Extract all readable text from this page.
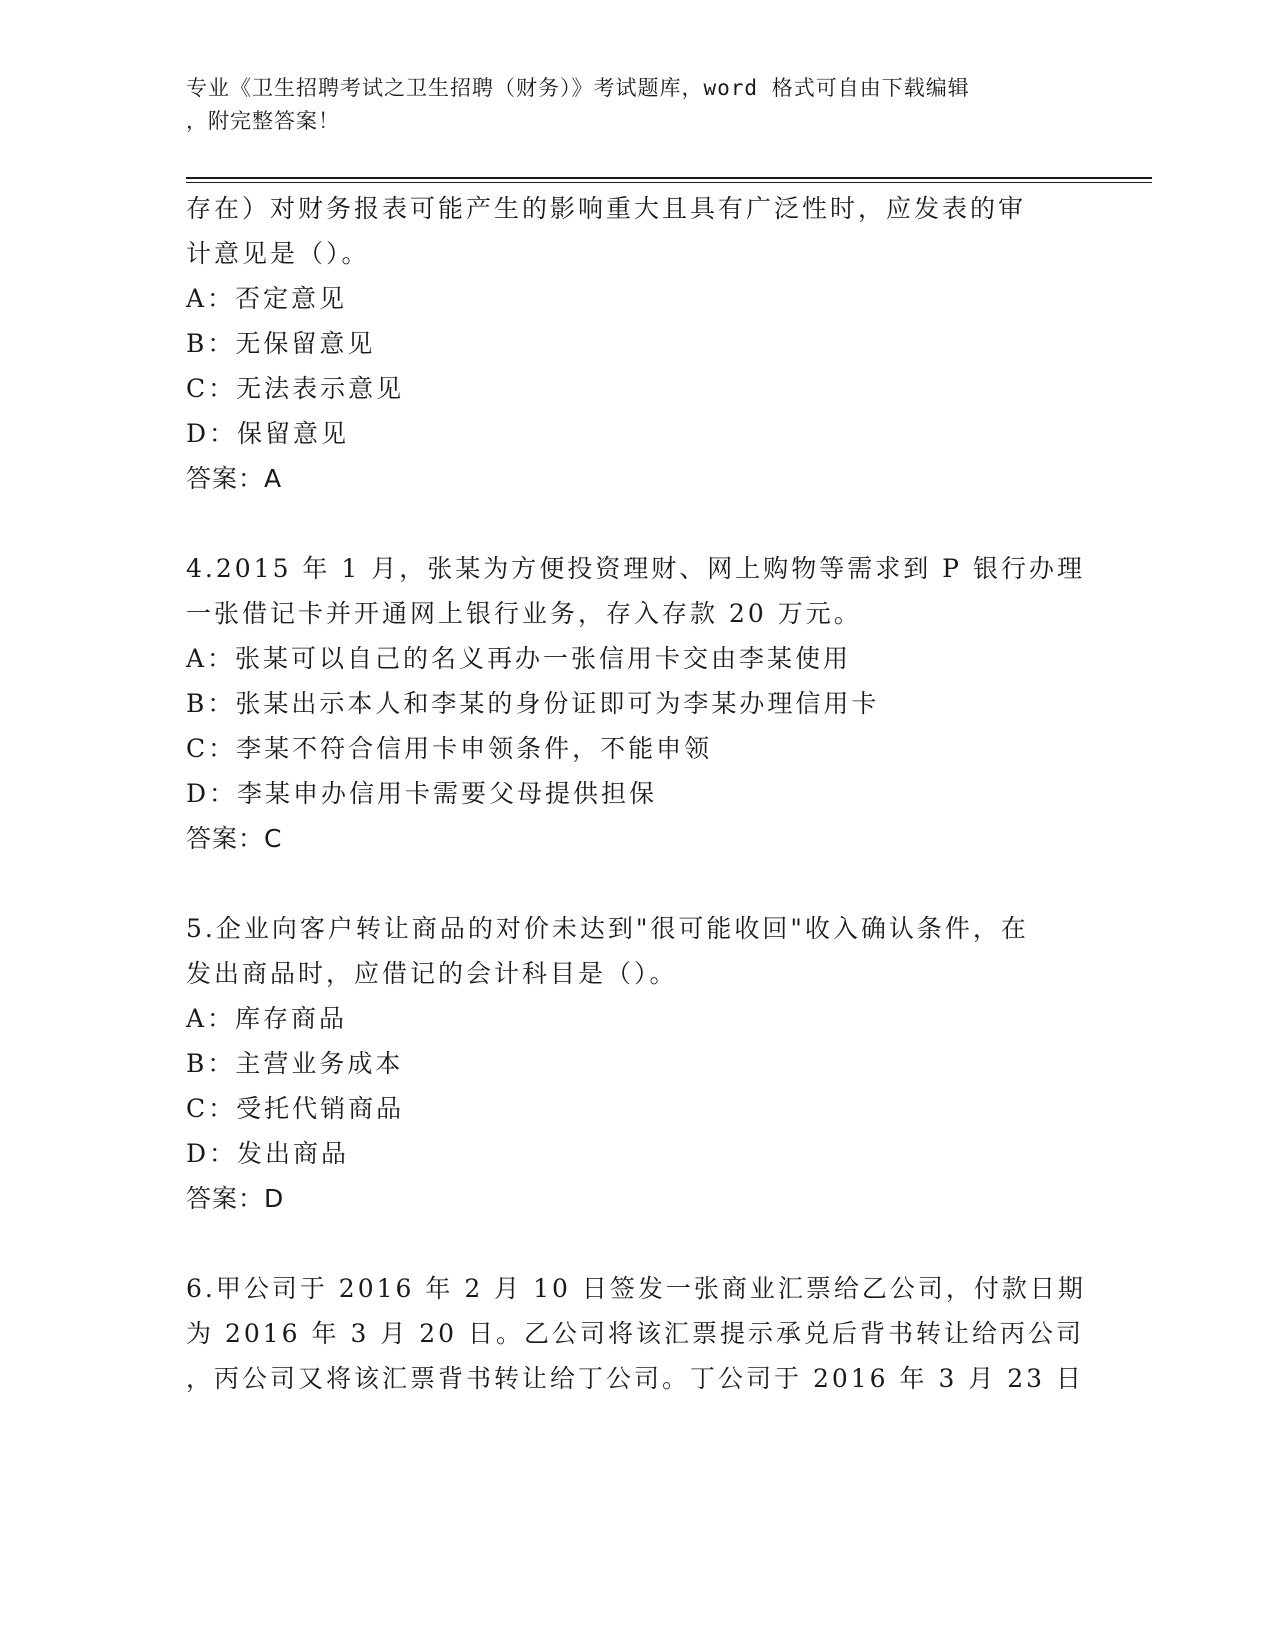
专业《卫生招聘考试之卫生招聘（财务）》考试题库，word 格式可自由下载编辑
，附完整答案！
存在）对财务报表可能产生的影响重大且具有广泛性时，应发表的审
计意见是（）。
A：否定意见
B：无保留意见
C：无法表示意见
D：保留意见
答案：A
4.2015 年 1 月，张某为方便投资理财、网上购物等需求到 P 银行办理
一张借记卡并开通网上银行业务，存入存款 20 万元。
A：张某可以自己的名义再办一张信用卡交由李某使用
B：张某出示本人和李某的身份证即可为李某办理信用卡
C：李某不符合信用卡申领条件，不能申领
D：李某申办信用卡需要父母提供担保
答案：C
5.企业向客户转让商品的对价未达到"很可能收回"收入确认条件，在
发出商品时，应借记的会计科目是（）。
A：库存商品
B：主营业务成本
C：受托代销商品
D：发出商品
答案：D
6.甲公司于 2016 年 2 月 10 日签发一张商业汇票给乙公司，付款日期
为 2016 年 3 月 20 日。乙公司将该汇票提示承兑后背书转让给丙公司
，丙公司又将该汇票背书转让给丁公司。丁公司于 2016 年 3 月 23 日
